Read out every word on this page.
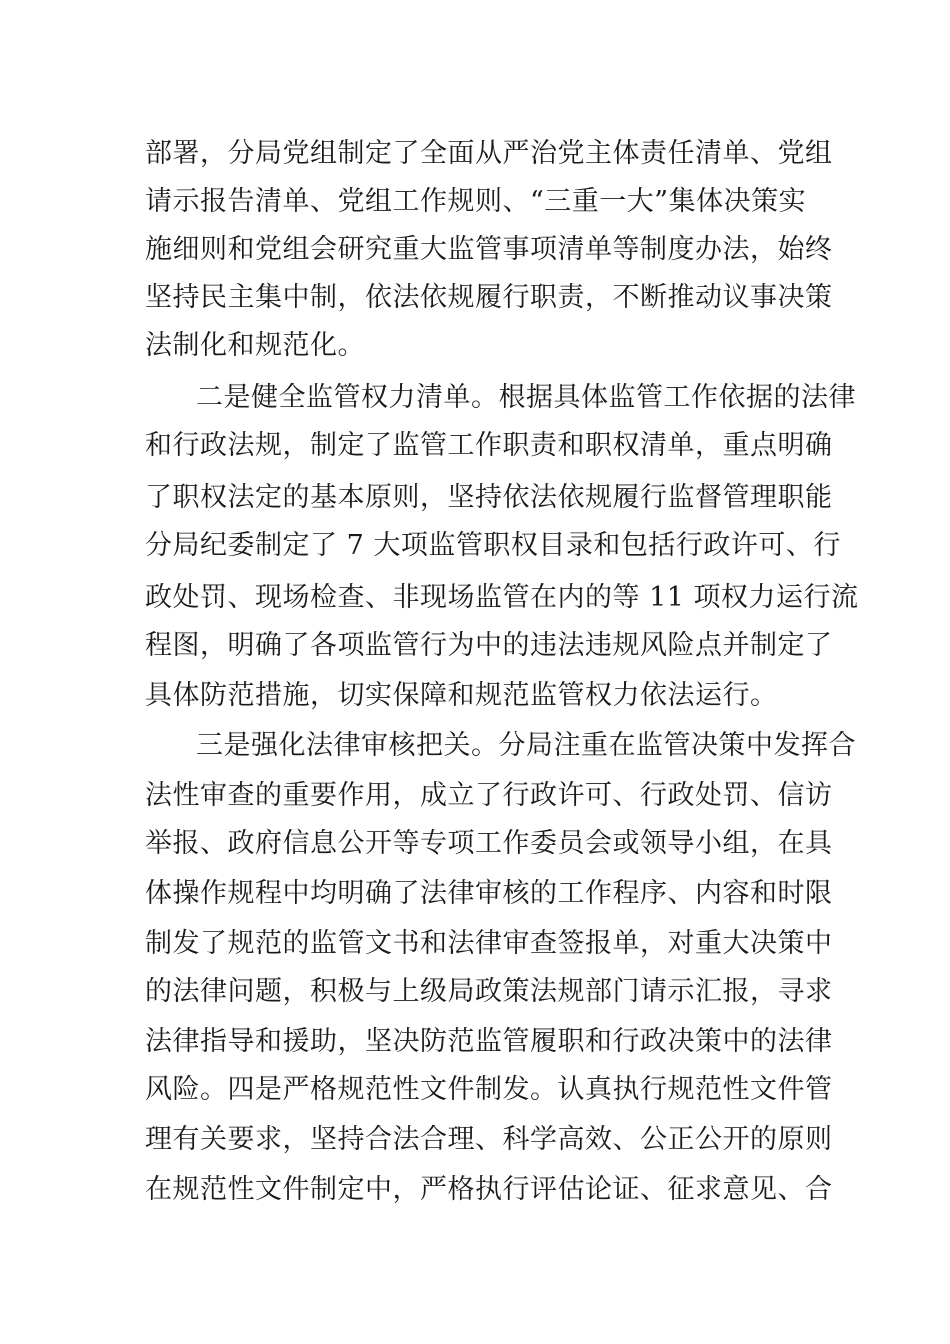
部署，分局党组制定了全面从严治党主体责任清单、党组
请示报告清单、党组工作规则、“三重一大”集体决策实
施细则和党组会研究重大监管事项清单等制度办法，始终
坚持民主集中制，依法依规履行职责，不断推动议事决策
法制化和规范化。
二是健全监管权力清单。根据具体监管工作依据的法律
和行政法规，制定了监管工作职责和职权清单，重点明确
了职权法定的基本原则，坚持依法依规履行监督管理职能
分局纪委制定了 7 大项监管职权目录和包括行政许可、行
政处罚、现场检查、非现场监管在内的等 11 项权力运行流
程图，明确了各项监管行为中的违法违规风险点并制定了
具体防范措施，切实保障和规范监管权力依法运行。
三是强化法律审核把关。分局注重在监管决策中发挥合
法性审查的重要作用，成立了行政许可、行政处罚、信访
举报、政府信息公开等专项工作委员会或领导小组，在具
体操作规程中均明确了法律审核的工作程序、内容和时限
制发了规范的监管文书和法律审查签报单，对重大决策中
的法律问题，积极与上级局政策法规部门请示汇报，寻求
法律指导和援助，坚决防范监管履职和行政决策中的法律
风险。四是严格规范性文件制发。认真执行规范性文件管
理有关要求，坚持合法合理、科学高效、公正公开的原则
在规范性文件制定中，严格执行评估论证、征求意见、合
